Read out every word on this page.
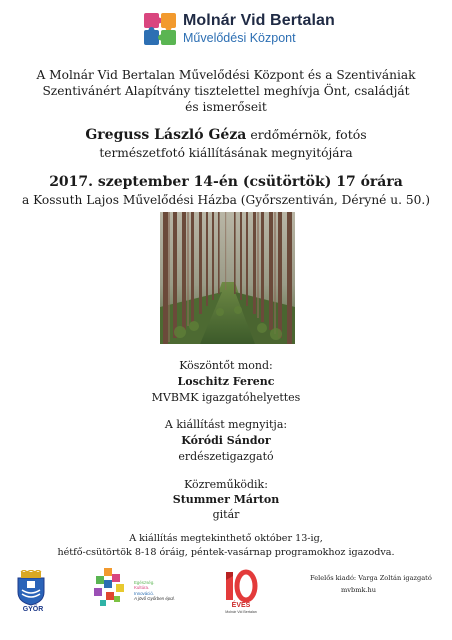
Molnár Vid Bertalan
Művelődési Központ
A Molnár Vid Bertalan Művelődési Központ és a Szentivániak
Szentivánért Alapítvány tisztelettel meghívja Önt, családját
és ismerőseit
Greguss László Géza erdőmérnök, fotós
természetfotó kiállításának megnyitójára
2017. szeptember 14-én (csütörtök) 17 órára
a Kossuth Lajos Művelődési Házba (Győrszentiván, Déryné u. 50.)
Köszöntőt mond:
Loschitz Ferenc
MVBMK igazgatóhelyettes
A kiállítást megnyitja:
Kóródi Sándor
erdészetigazgató
Közreműködik:
Stummer Márton
gitár
A kiállítás megtekinthető október 13-ig,
hétfő-csütörtök 8-18 óráig, péntek-vasárnap programokhoz igazodva.
GYŐR
Egészség.
Kultúra.
Innováció.
A jövő Győrben épül.
ÉVES
Molnár Vid Bertalan
Felelős kiadó: Varga Zoltán igazgató
mvbmk.hu
